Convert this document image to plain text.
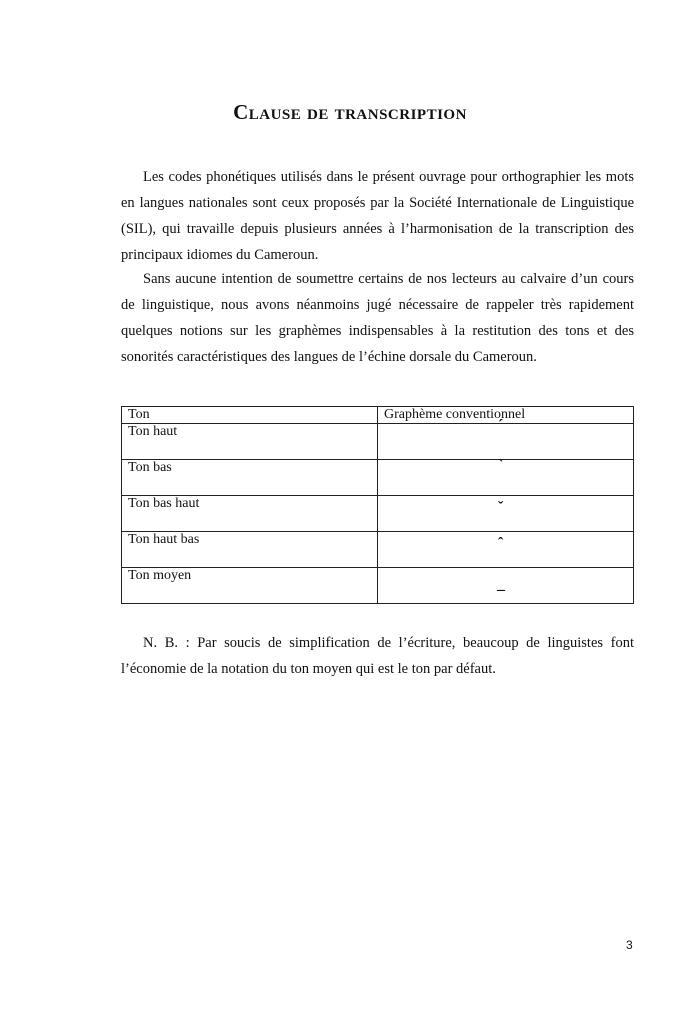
Clause de transcription

Les codes phonétiques utilisés dans le présent ouvrage pour orthographier les mots en langues nationales sont ceux proposés par la Société Internationale de Linguistique (SIL), qui travaille depuis plusieurs années à l’harmonisation de la transcription des principaux idiomes du Cameroun.

Sans aucune intention de soumettre certains de nos lecteurs au calvaire d’un cours de linguistique, nous avons néanmoins jugé nécessaire de rappeler très rapidement quelques notions sur les graphèmes indispensables à la restitution des tons et des sonorités caractéristiques des langues de l’échine dorsale du Cameroun.

Ton	Graphème conventionnel
Ton haut	ˊ

Ton bas	ˋ

Ton bas haut	ˇ

Ton haut bas	ˆ

Ton moyen	–

N. B. : Par soucis de simplification de l’écriture, beaucoup de linguistes font l’économie de la notation du ton moyen qui est le ton par défaut.

3
